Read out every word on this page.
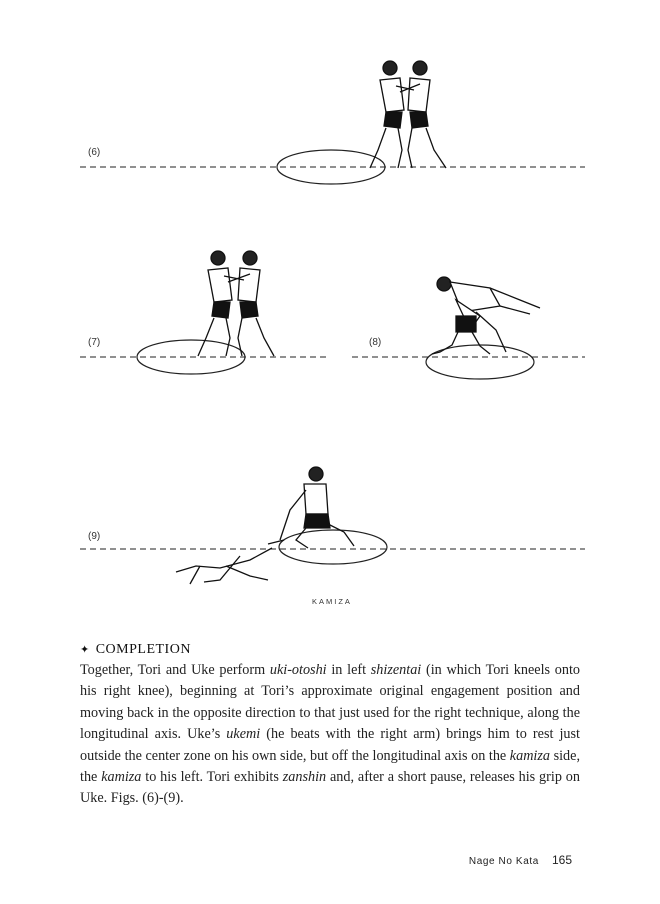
(6)
(7)	(8)
(9)
KAMIZA
✦ COMPLETION

Together, Tori and Uke perform uki-otoshi in left shizentai (in which Tori kneels onto his right knee), beginning at Tori’s approximate original engagement position and moving back in the opposite direction to that just used for the right technique, along the longitudinal axis. Uke’s ukemi (he beats with the right arm) brings him to rest just outside the center zone on his own side, but off the longitudinal axis on the kamiza side, the kamiza to his left. Tori exhibits zanshin and, after a short pause, releases his grip on Uke. Figs. (6)-(9).

Nage No Kata 165
